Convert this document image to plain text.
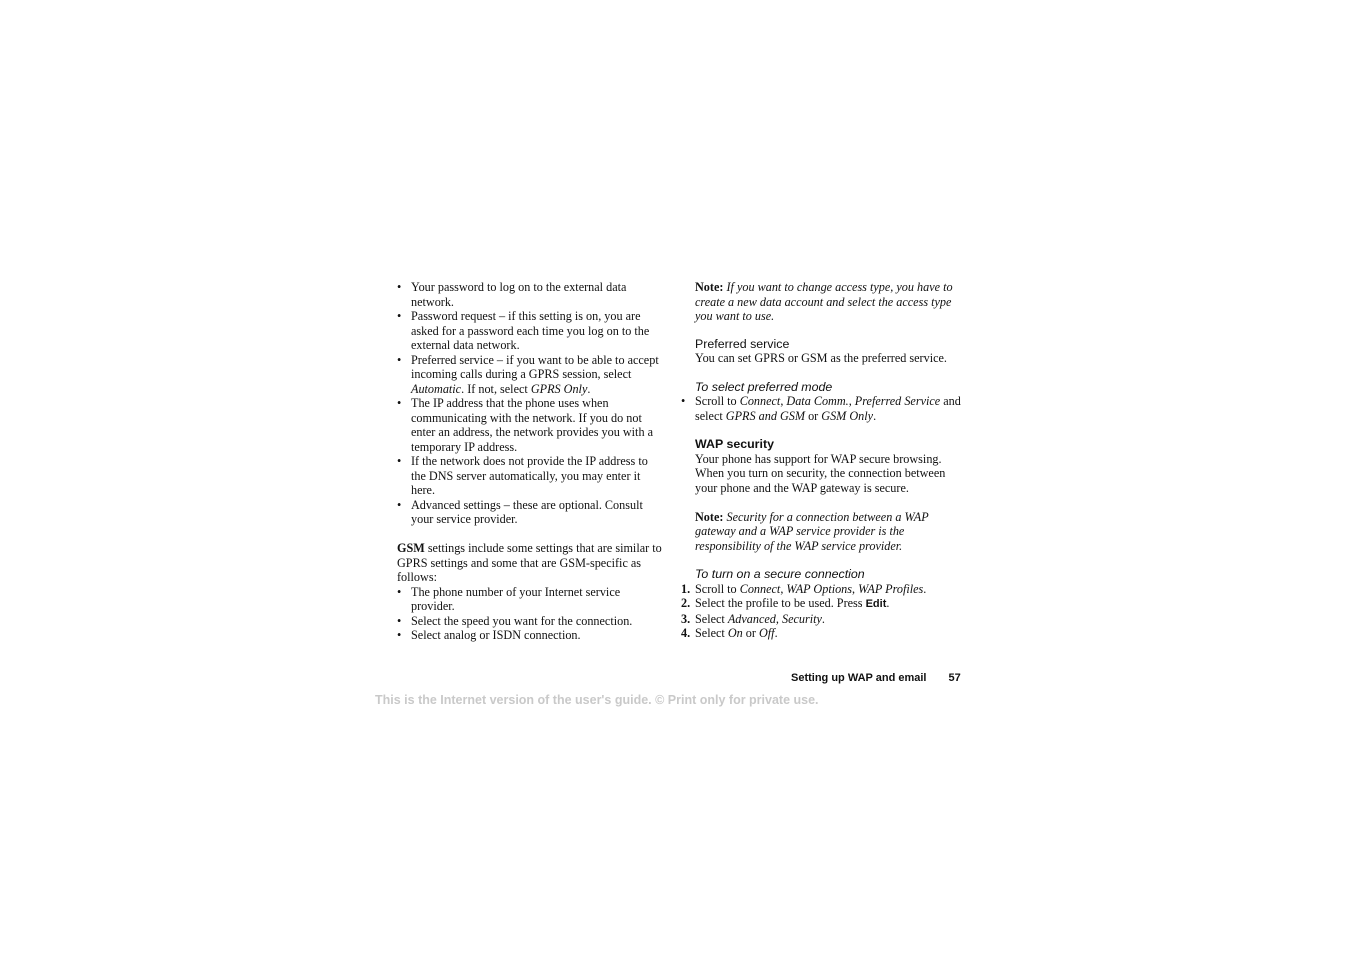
• Your password to log on to the external data network.
• Password request – if this setting is on, you are asked for a password each time you log on to the external data network.
• Preferred service – if you want to be able to accept incoming calls during a GPRS session, select Automatic. If not, select GPRS Only.
• The IP address that the phone uses when communicating with the network. If you do not enter an address, the network provides you with a temporary IP address.
• If the network does not provide the IP address to the DNS server automatically, you may enter it here.
• Advanced settings – these are optional. Consult your service provider.

GSM settings include some settings that are similar to GPRS settings and some that are GSM-specific as follows:

• The phone number of your Internet service provider.
• Select the speed you want for the connection.
• Select analog or ISDN connection.

Note: If you want to change access type, you have to create a new data account and select the access type you want to use.

Preferred service

You can set GPRS or GSM as the preferred service.

To select preferred mode

• Scroll to Connect, Data Comm., Preferred Service and select GPRS and GSM or GSM Only.

WAP security

Your phone has support for WAP secure browsing. When you turn on security, the connection between your phone and the WAP gateway is secure.

Note: Security for a connection between a WAP gateway and a WAP service provider is the responsibility of the WAP service provider.

To turn on a secure connection

1. Scroll to Connect, WAP Options, WAP Profiles.
2. Select the profile to be used. Press Edit.
3. Select Advanced, Security.
4. Select On or Off.
Setting up WAP and email 57
This is the Internet version of the user's guide. © Print only for private use.
